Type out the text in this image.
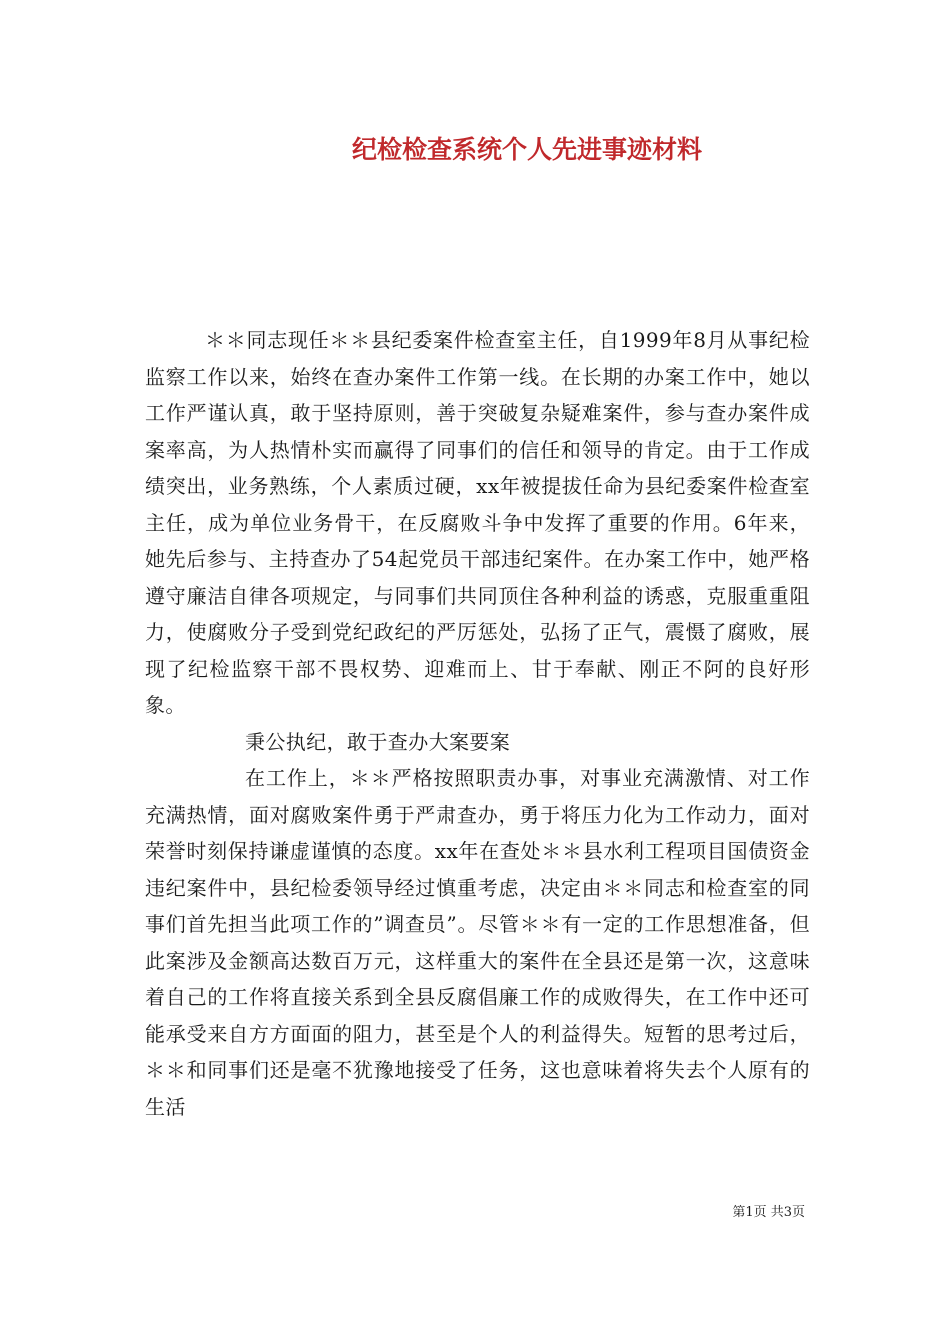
纪检检查系统个人先进事迹材料

＊＊同志现任＊＊县纪委案件检查室主任，自1999年8月从事纪检监察工作以来，始终在查办案件工作第一线。在长期的办案工作中，她以工作严谨认真，敢于坚持原则，善于突破复杂疑难案件，参与查办案件成案率高，为人热情朴实而赢得了同事们的信任和领导的肯定。由于工作成绩突出，业务熟练，个人素质过硬，xx年被提拔任命为县纪委案件检查室主任，成为单位业务骨干，在反腐败斗争中发挥了重要的作用。6年来，她先后参与、主持查办了54起党员干部违纪案件。在办案工作中，她严格遵守廉洁自律各项规定，与同事们共同顶住各种利益的诱惑，克服重重阻力，使腐败分子受到党纪政纪的严厉惩处，弘扬了正气，震慑了腐败，展现了纪检监察干部不畏权势、迎难而上、甘于奉献、刚正不阿的良好形象。

秉公执纪，敢于查办大案要案

在工作上，＊＊严格按照职责办事，对事业充满激情、对工作充满热情，面对腐败案件勇于严肃查办，勇于将压力化为工作动力，面对荣誉时刻保持谦虚谨慎的态度。xx年在查处＊＊县水利工程项目国债资金违纪案件中，县纪检委领导经过慎重考虑，决定由＊＊同志和检查室的同事们首先担当此项工作的”调查员”。尽管＊＊有一定的工作思想准备，但此案涉及金额高达数百万元，这样重大的案件在全县还是第一次，这意味着自己的工作将直接关系到全县反腐倡廉工作的成败得失，在工作中还可能承受来自方方面面的阻力，甚至是个人的利益得失。短暂的思考过后，＊＊和同事们还是毫不犹豫地接受了任务，这也意味着将失去个人原有的生活

第1页 共3页
